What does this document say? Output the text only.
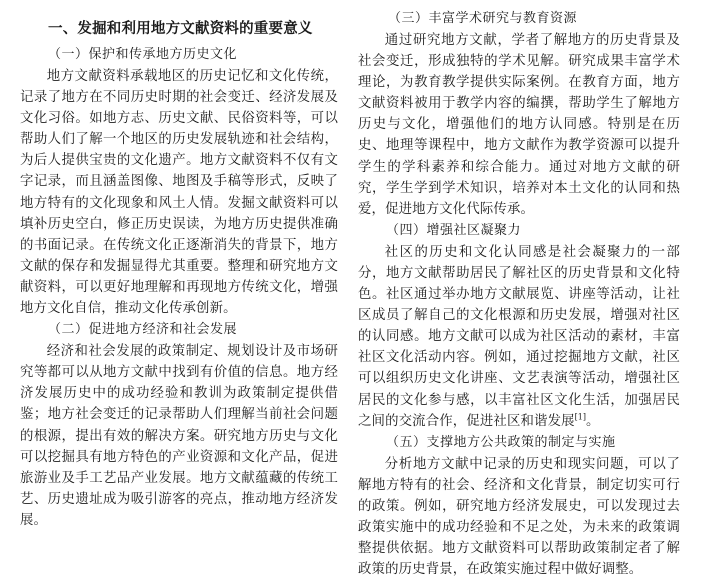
一、发掘和利用地方文献资料的重要意义
（一）保护和传承地方历史文化

地方文献资料承载地区的历史记忆和文化传统，记录了地方在不同历史时期的社会变迁、经济发展及文化习俗。如地方志、历史文献、民俗资料等，可以帮助人们了解一个地区的历史发展轨迹和社会结构，为后人提供宝贵的文化遗产。地方文献资料不仅有文字记录，而且涵盖图像、地图及手稿等形式，反映了地方特有的文化现象和风土人情。发掘文献资料可以填补历史空白，修正历史误读，为地方历史提供准确的书面记录。在传统文化正逐渐消失的背景下，地方文献的保存和发掘显得尤其重要。整理和研究地方文献资料，可以更好地理解和再现地方传统文化，增强地方文化自信，推动文化传承创新。

（二）促进地方经济和社会发展

经济和社会发展的政策制定、规划设计及市场研究等都可以从地方文献中找到有价值的信息。地方经济发展历史中的成功经验和教训为政策制定提供借鉴；地方社会变迁的记录帮助人们理解当前社会问题的根源，提出有效的解决方案。研究地方历史与文化可以挖掘具有地方特色的产业资源和文化产品，促进旅游业及手工艺品产业发展。地方文献蕴藏的传统工艺、历史遗址成为吸引游客的亮点，推动地方经济发展。

（三）丰富学术研究与教育资源

通过研究地方文献，学者了解地方的历史背景及社会变迁，形成独特的学术见解。研究成果丰富学术理论，为教育教学提供实际案例。在教育方面，地方文献资料被用于教学内容的编撰，帮助学生了解地方历史与文化，增强他们的地方认同感。特别是在历史、地理等课程中，地方文献作为教学资源可以提升学生的学科素养和综合能力。通过对地方文献的研究，学生学到学术知识，培养对本土文化的认同和热爱，促进地方文化代际传承。

（四）增强社区凝聚力

社区的历史和文化认同感是社会凝聚力的一部分，地方文献帮助居民了解社区的历史背景和文化特色。社区通过举办地方文献展览、讲座等活动，让社区成员了解自己的文化根源和历史发展，增强对社区的认同感。地方文献可以成为社区活动的素材，丰富社区文化活动内容。例如，通过挖掘地方文献，社区可以组织历史文化讲座、文艺表演等活动，增强社区居民的文化参与感，以丰富社区文化生活，加强居民之间的交流合作，促进社区和谐发展[1]。

（五）支撑地方公共政策的制定与实施

分析地方文献中记录的历史和现实问题，可以了解地方特有的社会、经济和文化背景，制定切实可行的政策。例如，研究地方经济发展史，可以发现过去政策实施中的成功经验和不足之处，为未来的政策调整提供依据。地方文献资料可以帮助政策制定者了解政策的历史背景，在政策实施过程中做好调整。
